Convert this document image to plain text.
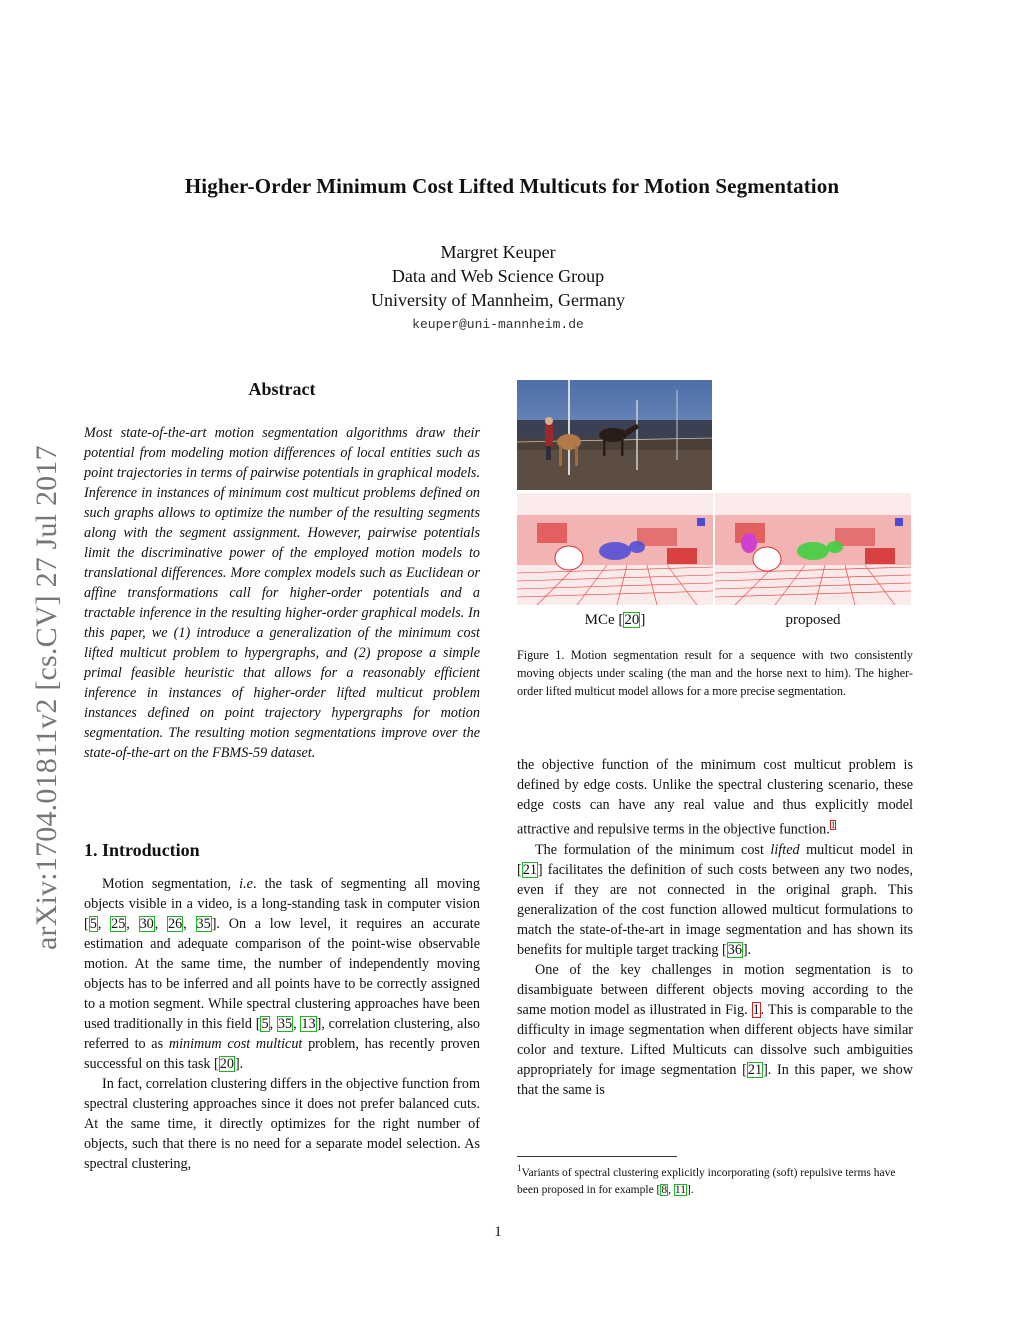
Higher-Order Minimum Cost Lifted Multicuts for Motion Segmentation
Margret Keuper
Data and Web Science Group
University of Mannheim, Germany
keuper@uni-mannheim.de
arXiv:1704.01811v2 [cs.CV] 27 Jul 2017
Abstract
Most state-of-the-art motion segmentation algorithms draw their potential from modeling motion differences of local entities such as point trajectories in terms of pairwise potentials in graphical models. Inference in instances of minimum cost multicut problems defined on such graphs allows to optimize the number of the resulting segments along with the segment assignment. However, pairwise potentials limit the discriminative power of the employed motion models to translational differences. More complex models such as Euclidean or affine transformations call for higher-order potentials and a tractable inference in the resulting higher-order graphical models. In this paper, we (1) introduce a generalization of the minimum cost lifted multicut problem to hypergraphs, and (2) propose a simple primal feasible heuristic that allows for a reasonably efficient inference in instances of higher-order lifted multicut problem instances defined on point trajectory hypergraphs for motion segmentation. The resulting motion segmentations improve over the state-of-the-art on the FBMS-59 dataset.
1. Introduction

Motion segmentation, i.e. the task of segmenting all moving objects visible in a video, is a long-standing task in computer vision [5, 25, 30, 26, 35]. On a low level, it requires an accurate estimation and adequate comparison of the point-wise observable motion. At the same time, the number of independently moving objects has to be inferred and all points have to be correctly assigned to a motion segment. While spectral clustering approaches have been used traditionally in this field [5, 35, 13], correlation clustering, also referred to as minimum cost multicut problem, has recently proven successful on this task [20].

In fact, correlation clustering differs in the objective function from spectral clustering approaches since it does not prefer balanced cuts. At the same time, it directly optimizes for the right number of objects, such that there is no need for a separate model selection. As spectral clustering,

MCe [20]	proposed
Figure 1. Motion segmentation result for a sequence with two consistently moving objects under scaling (the man and the horse next to him). The higher-order lifted multicut model allows for a more precise segmentation.

the objective function of the minimum cost multicut problem is defined by edge costs. Unlike the spectral clustering scenario, these edge costs can have any real value and thus explicitly model attractive and repulsive terms in the objective function.$^1$

The formulation of the minimum cost lifted multicut model in [21] facilitates the definition of such costs between any two nodes, even if they are not connected in the original graph. This generalization of the cost function allowed multicut formulations to match the state-of-the-art in image segmentation and has shown its benefits for multiple target tracking [36].

One of the key challenges in motion segmentation is to disambiguate between different objects moving according to the same motion model as illustrated in Fig. 1. This is comparable to the difficulty in image segmentation when different objects have similar color and texture. Lifted Multicuts can dissolve such ambiguities appropriately for image segmentation [21]. In this paper, we show that the same is

$^1$Variants of spectral clustering explicitly incorporating (soft) repulsive terms have been proposed in for example [8, 11].
1
